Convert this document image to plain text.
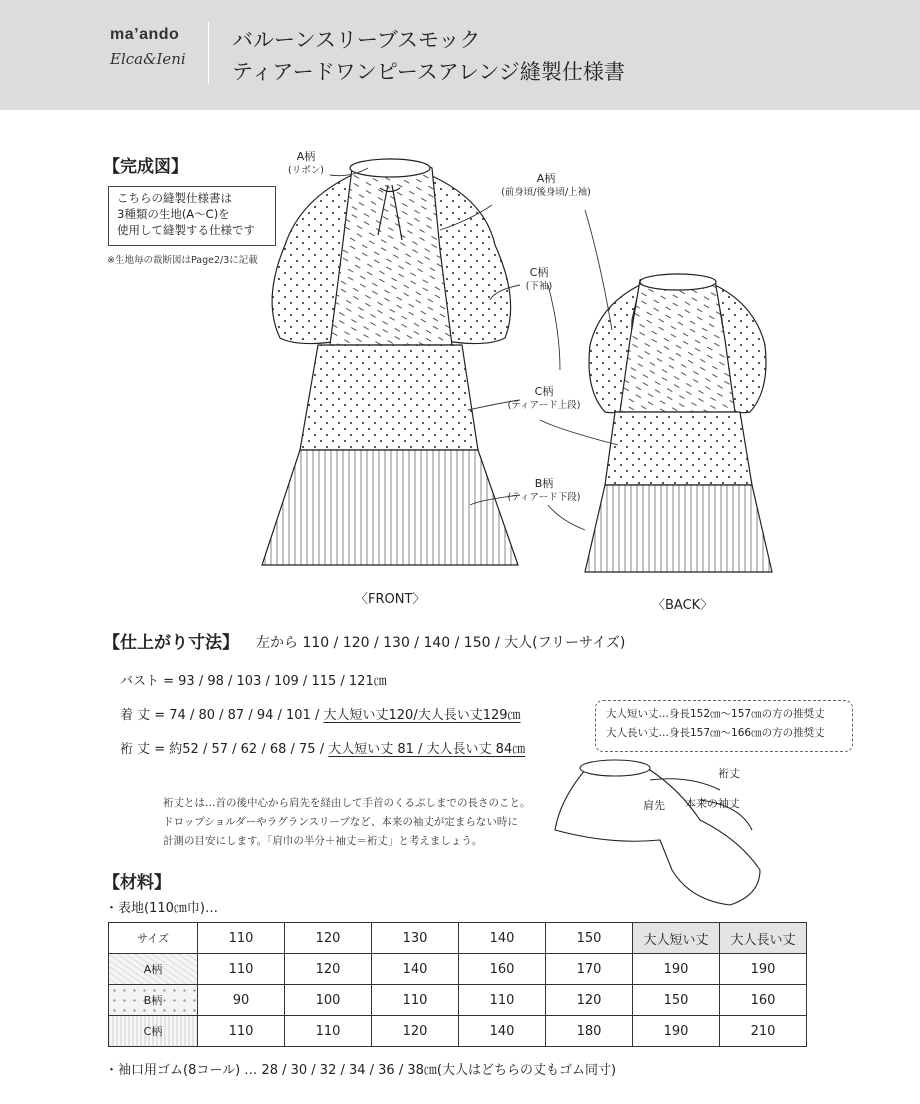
maʼando
Elca&Ieni
バルーンスリーブスモック
ティアードワンピースアレンジ縫製仕様書
【完成図】
こちらの縫製仕様書は
3種類の生地(A〜C)を
使用して縫製する仕様です
※生地毎の裁断図はPage2/3に記載
A柄
(リボン)
A柄
(前身頃/後身頃/上袖)
C柄
(下袖)
C柄
(ティアード上段)
B柄
(ティアード下段)
〈FRONT〉	〈BACK〉
【仕上がり寸法】 左から 110 / 120 / 130 / 140 / 150 / 大人(フリーサイズ)
バスト = 93 / 98 / 103 / 109 / 115 / 121㎝
着 丈 = 74 / 80 / 87 / 94 / 101 / 大人短い丈120/大人長い丈129㎝
裄 丈 = 約52 / 57 / 62 / 68 / 75 / 大人短い丈 81 / 大人長い丈 84㎝
大人短い丈…身長152㎝〜157㎝の方の推奨丈
大人長い丈…身長157㎝〜166㎝の方の推奨丈
裄丈
肩先 本来の袖丈
裄丈とは…首の後中心から肩先を経由して手首のくるぶしまでの長さのこと。
ドロップショルダーやラグランスリーブなど、本来の袖丈が定まらない時に
計測の目安にします。「肩巾の半分＋袖丈＝裄丈」と考えましょう。
【材料】
・表地(110㎝巾)…
サイズ	110	120	130	140	150	大人短い丈	大人長い丈
A柄	110	120	140	160	170	190	190
B柄	90	100	110	110	120	150	160
C柄	110	110	120	140	180	190	210
・袖口用ゴム(8コール) … 28 / 30 / 32 / 34 / 36 / 38㎝(大人はどちらの丈もゴム同寸)
